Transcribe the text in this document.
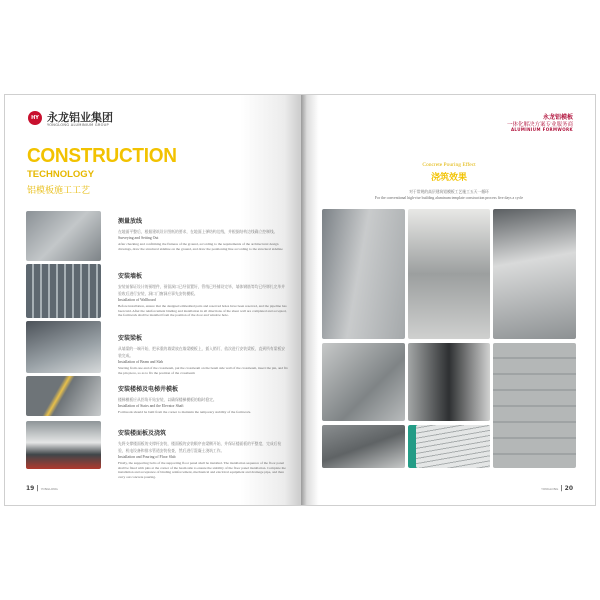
HY 永龙铝业集团
YONGLONG ALUMINIUM GROUP
CONSTRUCTION
TECHNOLOGY
铝模板施工工艺
测量放线
在地面平整后，根据建筑设计图纸的要求，在地面上弹结构边线，并根据结构边线确立控制线。
Surveying and Setting Out
After checking and confirming the flatness of the ground, according to the requirements of the architectural design drawings, draw the structural sideline on the ground, and draw the positioning line according to the structural sideline
安装墙板
安装前保证设计的预埋件，预留洞口已经留置好，管线已经铺设完毕，墙体钢筋等均已经绑扎完毕并验收后进行安装，洞口门窗洞应事先安装模板。
Installation of Wallboard
Before installation, ensure that the designed embedded parts and reserved holes have been reserved, and the pipeline has been laid. After the reinforcement binding and installation in all directions of the shear wall are completed and accepted, the formwork shall be installed from the position of the door and window hole.
安装梁板
从墙梁的一端开始，把承重的墙梁放在墙梁模板上，插入销钉，依次进行安装梁板，直到所有梁板安装完成。
Installation of Beam and Slab
Starting from one end of the crossbeam, put the crossbeam on the beam side wall of the crossbeam, insert the pin, and fix the pin piece, so as to fix the position of the crossbeam
安装楼梯及电梯井模板
楼梯模板应从拐角开始安装，以确保楼梯模板的临时稳定。
Installation of Stairs and the Elevator Shaft
Formwork should be built from the corner to maintain the temporary stability of the formwork.
安装楼面板及浇筑
先将支撑楼面板的支撑杆安装，楼面板的安装顺序由梁侧开始，并保证楼面板的平整度，完成后检验，机电设备和排水管道安装检查，然后进行混凝土浇筑工作。
Installation and Pouring of Floor Slab
Firstly, the supporting bolts of the supporting floor panel shall be installed. The installation sequence of the floor panel shall be fixed with pins at the corner of the beam side to ensure the stability of the floor panel installation. Complete the installation and acceptance of binding reinforcement, mechanical and electrical equipment and drainage pipe, and then carry out concrete pouring.
19 | YONGLONG
永龙铝模板
一体化解决方案专业服务商
ALUMINIUM FORMWORK
Concrete Pouring Effect
浇筑效果
对于常规的高层建筑铝模板工艺施工五天一循环
For the conventional high-rise building aluminum template construction process five days a cycle
YONGLONG | 20
